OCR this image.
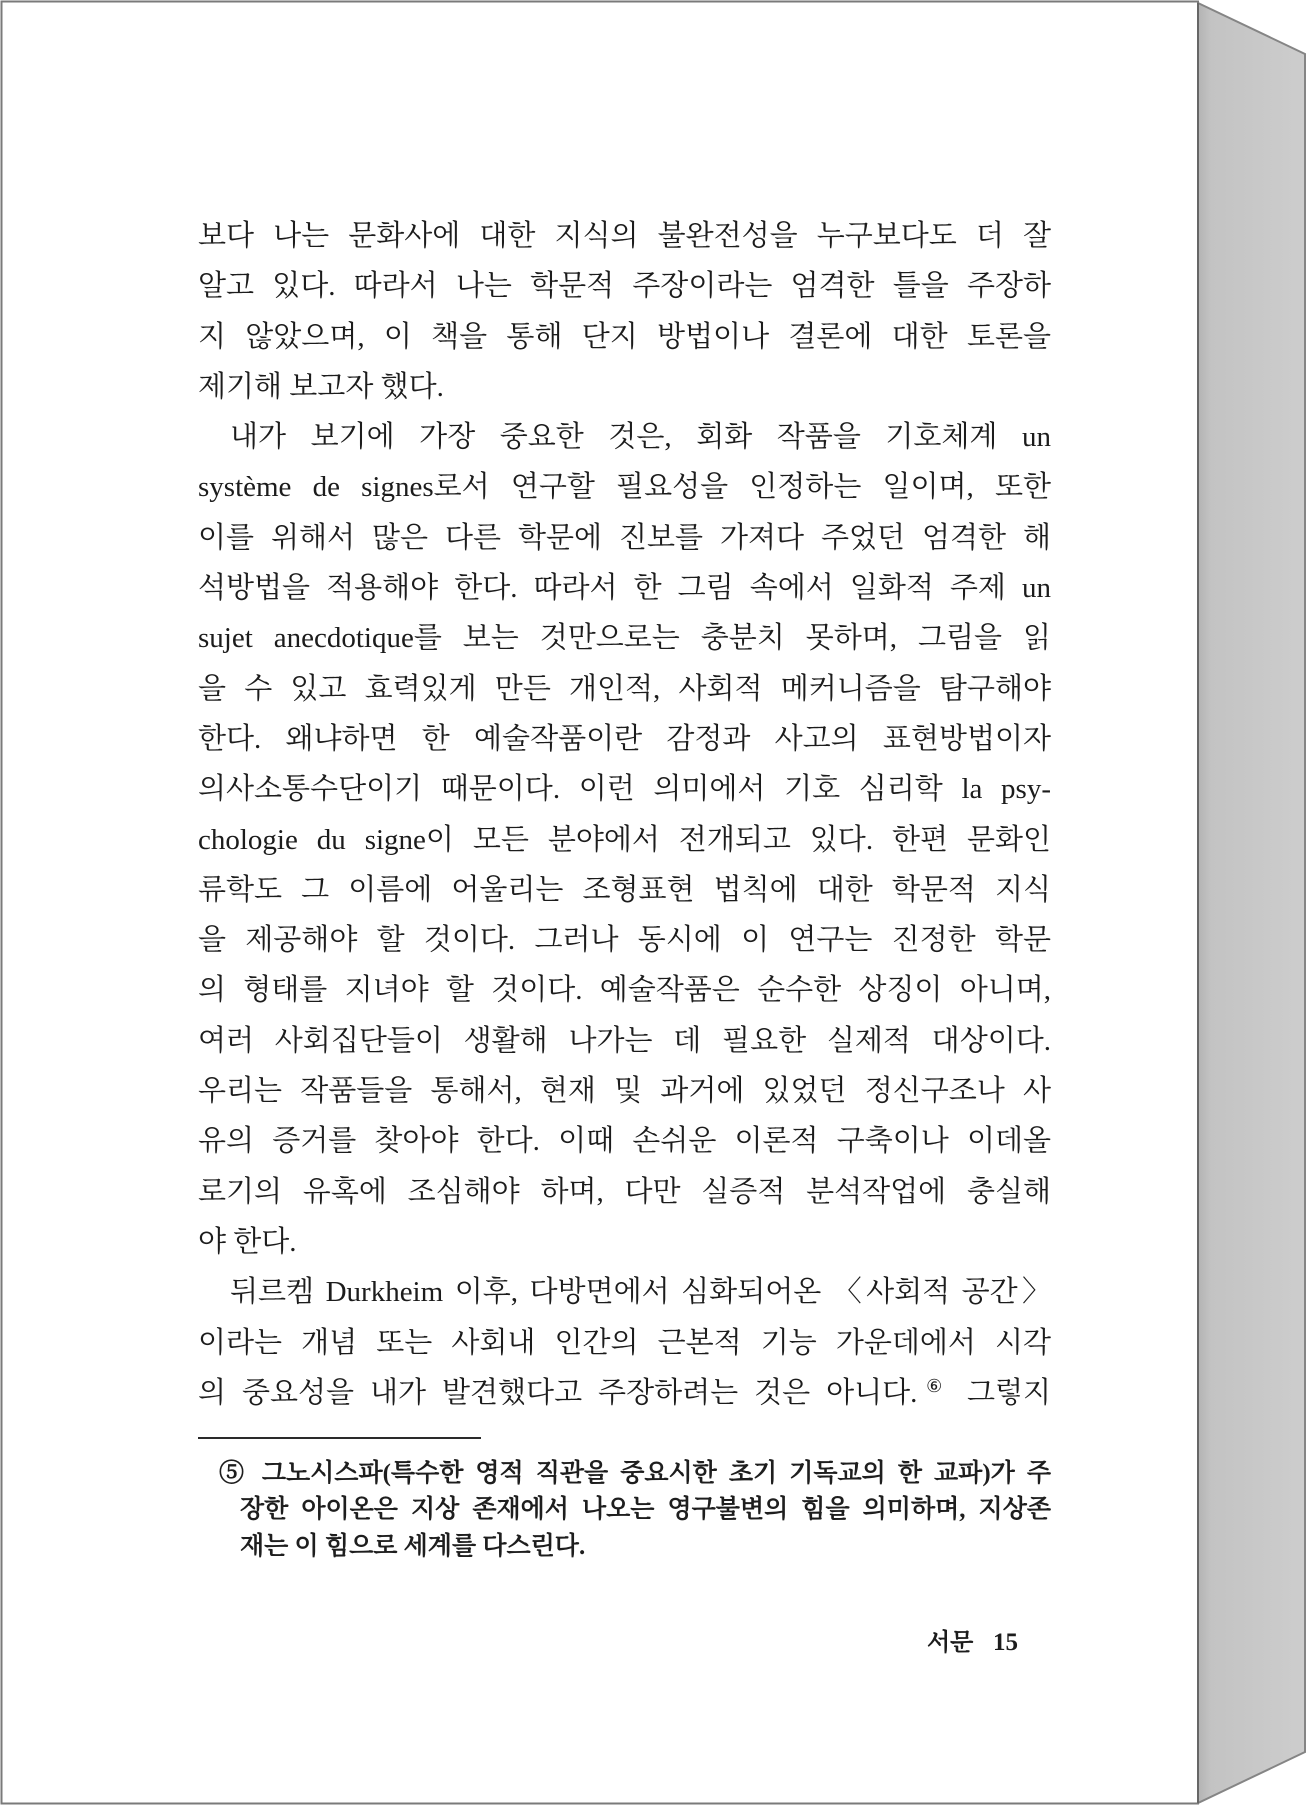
보다 나는 문화사에 대한 지식의 불완전성을 누구보다도 더 잘
알고 있다. 따라서 나는 학문적 주장이라는 엄격한 틀을 주장하
지 않았으며, 이 책을 통해 단지 방법이나 결론에 대한 토론을
제기해 보고자 했다.
내가 보기에 가장 중요한 것은, 회화 작품을 기호체계 un
système de signes로서 연구할 필요성을 인정하는 일이며, 또한
이를 위해서 많은 다른 학문에 진보를 가져다 주었던 엄격한 해
석방법을 적용해야 한다. 따라서 한 그림 속에서 일화적 주제 un
sujet anecdotique를 보는 것만으로는 충분치 못하며, 그림을 읽
을 수 있고 효력있게 만든 개인적, 사회적 메커니즘을 탐구해야
한다. 왜냐하면 한 예술작품이란 감정과 사고의 표현방법이자
의사소통수단이기 때문이다. 이런 의미에서 기호 심리학 la psy-
chologie du signe이 모든 분야에서 전개되고 있다. 한편 문화인
류학도 그 이름에 어울리는 조형표현 법칙에 대한 학문적 지식
을 제공해야 할 것이다. 그러나 동시에 이 연구는 진정한 학문
의 형태를 지녀야 할 것이다. 예술작품은 순수한 상징이 아니며,
여러 사회집단들이 생활해 나가는 데 필요한 실제적 대상이다.
우리는 작품들을 통해서, 현재 및 과거에 있었던 정신구조나 사
유의 증거를 찾아야 한다. 이때 손쉬운 이론적 구축이나 이데올
로기의 유혹에 조심해야 하며, 다만 실증적 분석작업에 충실해
야 한다.
뒤르켐 Durkheim 이후, 다방면에서 심화되어온 〈사회적 공간〉
이라는 개념 또는 사회내 인간의 근본적 기능 가운데에서 시각
의 중요성을 내가 발견했다고 주장하려는 것은 아니다.⑥ 그렇지
⑤ 그노시스파(특수한 영적 직관을 중요시한 초기 기독교의 한 교파)가 주
장한 아이온은 지상 존재에서 나오는 영구불변의 힘을 의미하며, 지상존
재는 이 힘으로 세계를 다스린다.
서문 15
